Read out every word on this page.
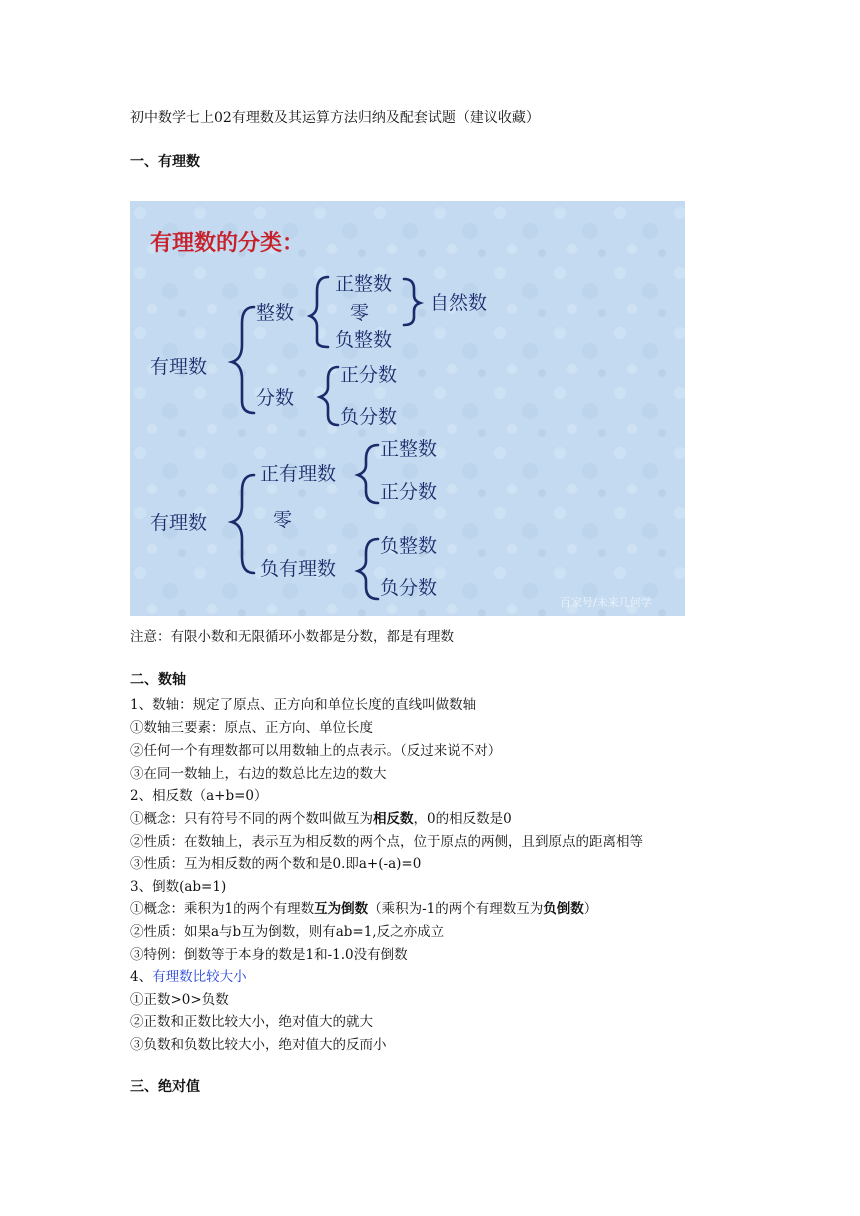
初中数学七上02有理数及其运算方法归纳及配套试题（建议收藏）
一、有理数
有理数的分类：
有理数
整数
正整数
零
负整数
自然数
分数
正分数
负分数
有理数
正有理数
正整数
正分数
零
负有理数
负整数
负分数
百家号/未来几何学
注意：有限小数和无限循环小数都是分数，都是有理数
二、数轴
1、数轴：规定了原点、正方向和单位长度的直线叫做数轴
①数轴三要素：原点、正方向、单位长度
②任何一个有理数都可以用数轴上的点表示。（反过来说不对）
③在同一数轴上，右边的数总比左边的数大
2、相反数（a+b=0）
①概念：只有符号不同的两个数叫做互为相反数，0的相反数是0
②性质：在数轴上，表示互为相反数的两个点，位于原点的两侧，且到原点的距离相等
③性质：互为相反数的两个数和是0.即a+(-a)=0
3、倒数(ab=1)
①概念：乘积为1的两个有理数互为倒数（乘积为-1的两个有理数互为负倒数）
②性质：如果a与b互为倒数，则有ab=1,反之亦成立
③特例：倒数等于本身的数是1和-1.0没有倒数
4、有理数比较大小
①正数>0>负数
②正数和正数比较大小，绝对值大的就大
③负数和负数比较大小，绝对值大的反而小
三、绝对值
